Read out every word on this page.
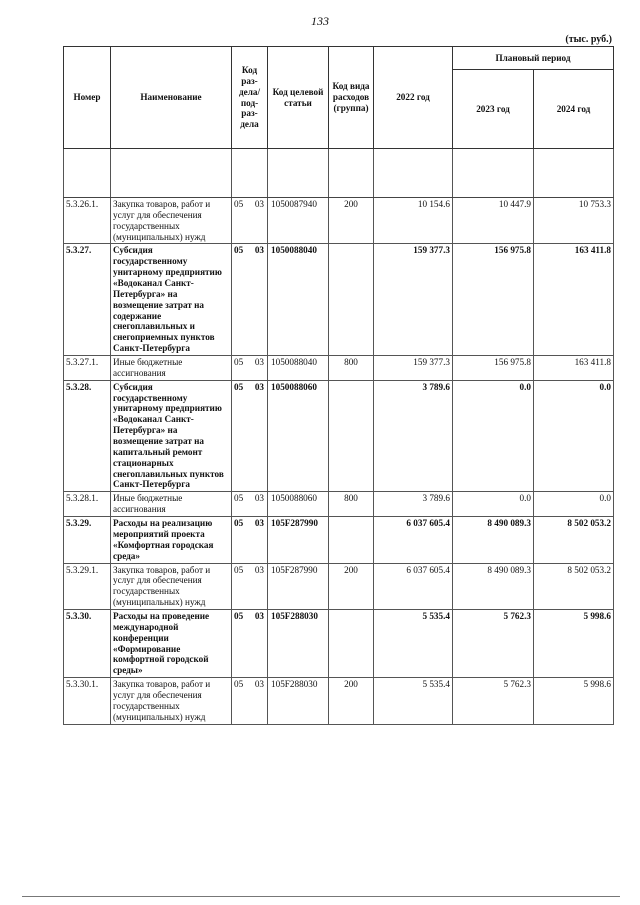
133
(тыс. руб.)
Номер	Наименование	Код раз- дела/ под- раз- дела	Код целевой статьи	Код вида расходов (группа)	2022 год	Плановый период	
						2023 год	2024 год

5.3.26.1.	Закупка товаров, работ и услуг для обеспечения государственных (муниципальных) нужд	05 03	1050087940	200	10 154.6	10 447.9	10 753.3
5.3.27.	Субсидия государственному унитарному предприятию «Водоканал Санкт-Петербурга» на возмещение затрат на содержание снегоплавильных и снегоприемных пунктов Санкт-Петербурга	05 03	1050088040		159 377.3	156 975.8	163 411.8
5.3.27.1.	Иные бюджетные ассигнования	05 03	1050088040	800	159 377.3	156 975.8	163 411.8
5.3.28.	Субсидия государственному унитарному предприятию «Водоканал Санкт-Петербурга» на возмещение затрат на капитальный ремонт стационарных снегоплавильных пунктов Санкт-Петербурга	05 03	1050088060		3 789.6	0.0	0.0
5.3.28.1.	Иные бюджетные ассигнования	05 03	1050088060	800	3 789.6	0.0	0.0
5.3.29.	Расходы на реализацию мероприятий проекта «Комфортная городская среда»	05 03	105F287990		6 037 605.4	8 490 089.3	8 502 053.2
5.3.29.1.	Закупка товаров, работ и услуг для обеспечения государственных (муниципальных) нужд	05 03	105F287990	200	6 037 605.4	8 490 089.3	8 502 053.2
5.3.30.	Расходы на проведение международной конференции «Формирование комфортной городской среды»	05 03	105F288030		5 535.4	5 762.3	5 998.6
5.3.30.1.	Закупка товаров, работ и услуг для обеспечения государственных (муниципальных) нужд	05 03	105F288030	200	5 535.4	5 762.3	5 998.6
